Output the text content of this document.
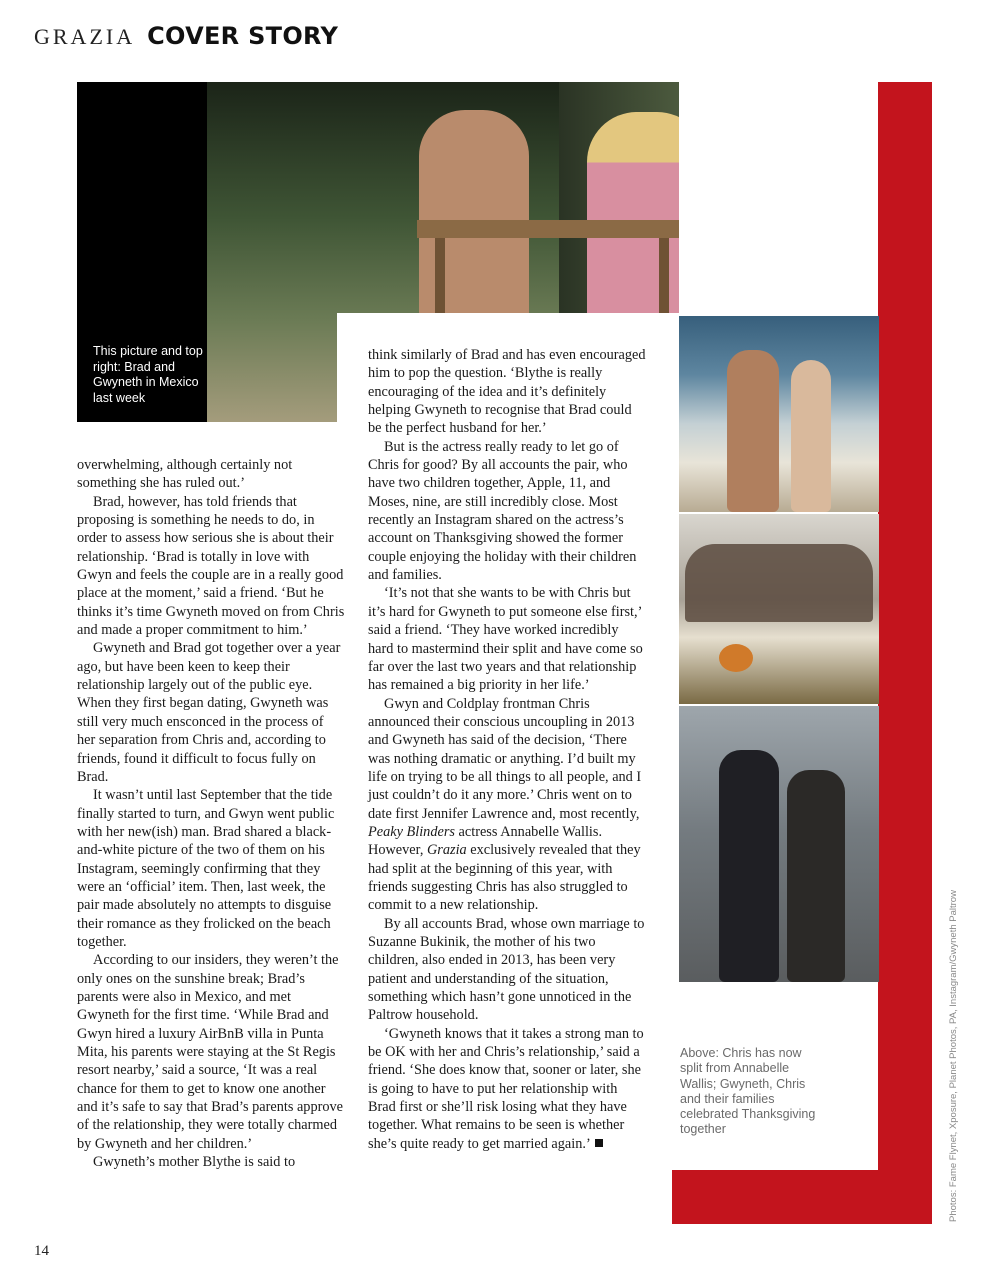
GRAZIA COVER STORY
This picture and top right: Brad and Gwyneth in Mexico last week

overwhelming, although certainly not something she has ruled out.’

Brad, however, has told friends that proposing is something he needs to do, in order to assess how serious she is about their relationship. ‘Brad is totally in love with Gwyn and feels the couple are in a really good place at the moment,’ said a friend. ‘But he thinks it’s time Gwyneth moved on from Chris and made a proper commitment to him.’

Gwyneth and Brad got together over a year ago, but have been keen to keep their relationship largely out of the public eye. When they first began dating, Gwyneth was still very much ensconced in the process of her separation from Chris and, according to friends, found it difficult to focus fully on Brad.

It wasn’t until last September that the tide finally started to turn, and Gwyn went public with her new(ish) man. Brad shared a black-and-white picture of the two of them on his Instagram, seemingly confirming that they were an ‘official’ item. Then, last week, the pair made absolutely no attempts to disguise their romance as they frolicked on the beach together.

According to our insiders, they weren’t the only ones on the sunshine break; Brad’s parents were also in Mexico, and met Gwyneth for the first time. ‘While Brad and Gwyn hired a luxury AirBnB villa in Punta Mita, his parents were staying at the St Regis resort nearby,’ said a source, ‘It was a real chance for them to get to know one another and it’s safe to say that Brad’s parents approve of the relationship, they were totally charmed by Gwyneth and her children.’

Gwyneth’s mother Blythe is said to

think similarly of Brad and has even encouraged him to pop the question. ‘Blythe is really encouraging of the idea and it’s definitely helping Gwyneth to recognise that Brad could be the perfect husband for her.’

But is the actress really ready to let go of Chris for good? By all accounts the pair, who have two children together, Apple, 11, and Moses, nine, are still incredibly close. Most recently an Instagram shared on the actress’s account on Thanksgiving showed the former couple enjoying the holiday with their children and families.

‘It’s not that she wants to be with Chris but it’s hard for Gwyneth to put someone else first,’ said a friend. ‘They have worked incredibly hard to mastermind their split and have come so far over the last two years and that relationship has remained a big priority in her life.’

Gwyn and Coldplay frontman Chris announced their conscious uncoupling in 2013 and Gwyneth has said of the decision, ‘There was nothing dramatic or anything. I’d built my life on trying to be all things to all people, and I just couldn’t do it any more.’ Chris went on to date first Jennifer Lawrence and, most recently, Peaky Blinders actress Annabelle Wallis. However, Grazia exclusively revealed that they had split at the beginning of this year, with friends suggesting Chris has also struggled to commit to a new relationship.

By all accounts Brad, whose own marriage to Suzanne Bukinik, the mother of his two children, also ended in 2013, has been very patient and understanding of the situation, something which hasn’t gone unnoticed in the Paltrow household.

‘Gwyneth knows that it takes a strong man to be OK with her and Chris’s relationship,’ said a friend. ‘She does know that, sooner or later, she is going to have to put her relationship with Brad first or she’ll risk losing what they have together. What remains to be seen is whether she’s quite ready to get married again.’

Above: Chris has now split from Annabelle Wallis; Gwyneth, Chris and their families celebrated Thanksgiving together	Photos: Fame Flynet, Xposure, Planet Photos, PA, Instagram/Gwyneth Paltrow
14
